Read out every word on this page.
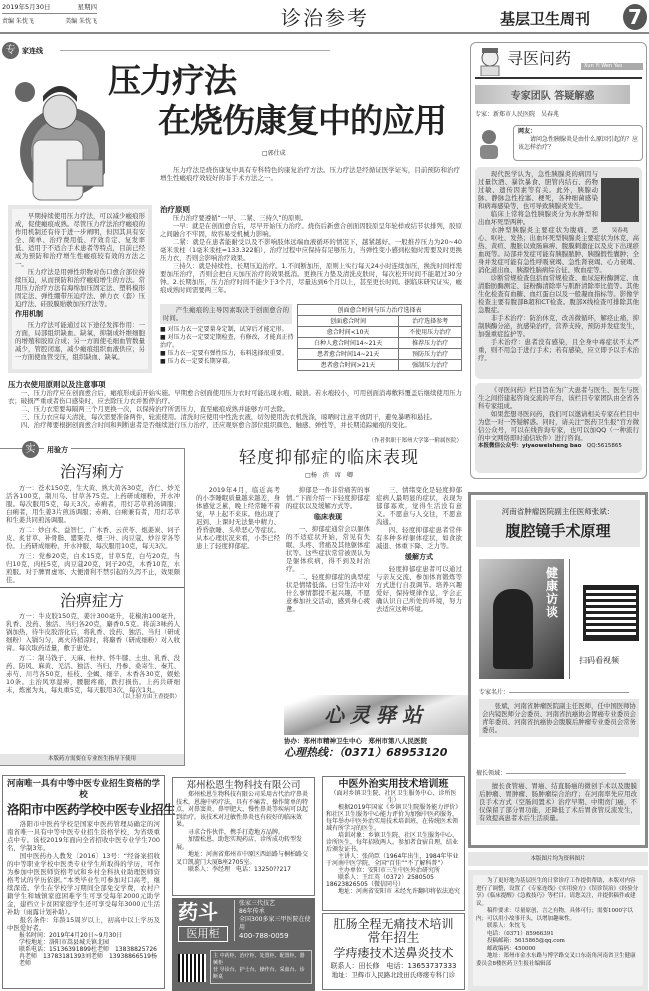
2019年5月30日	星期四
责编 朱忱飞	美编 朱忱飞	诊治参考	基层卫生周刊 7
专 家连线
压力疗法
在烧伤康复中的应用
□郭仕成
压力疗法是烧伤康复中具有专科特色的康复治疗方法。压力疗法是经循证医学证实，目前预防和治疗增生性瘢痕疗效较好的非手术方法之一。
早期持续使用压力疗法，可以减少瘢痕形成，促使瘢痕成熟。尽管压力疗法治疗瘢痕的作用机制还有待于进一步阐明，但因其具有安全、简单、治疗费用低、疗效肯定、复发率低、适用于不适合手术患者等特点，目前已经成为预防和治疗增生性瘢痕较有效的方法之一。
压力疗法是用弹性织物对伤口愈合部位持续压迫，从而预防和治疗瘢痕增生的方法。常用压力治疗方法有海绵加压固定法、塑料模形固定法、弹性绷带压迫疗法、弹力衣（套）压迫疗法、硅胶膜贴敷加压疗法等。
作用机制
压力疗法可能通过以下途径发挥作用：一方面，局部组织缺血、缺氧，抑制成纤维细胞的增殖和胶原合成；另一方面使毛细血管数量减少，管腔闭塞，减少瘢痕组织血液供应；另一方面使血管受压，组织缺血、缺氧。
治疗原则
压力治疗要遵循“一早、二紧、三持久”的原则。
一早：就是在创面愈合后，尽早开始压力治疗。烧伤后新愈合创面因胶原呈年轮样或结节状排列，胶原之间融合不牢固，故容易受机械力影响。
二紧：就是在患者能耐受以及不影响肢体远端血液循环的情况下，越紧越好。一般推荐压力为20~40毫米汞柱（1毫米汞柱=133.322帕），治疗过程中应保持有足够压力，当弹性变小感到松弛时需要及时更换压力衣，否则会影响治疗效果。
三持久：就是持续性、长期压迫治疗。1.不间断加压，原则上实行每天24小时连续加压，换洗时间样需要加压治疗，否则会把白天加压治疗的效果抵消。更换压力垫及清洗皮肤时，每次松开时间不能超过30分钟。2.长期加压，压力治疗时间不能少于3个月，尽量达到6个月以上，甚至更长时间。据临床研究证实，瘢痕成熟时间需要两三年。
产生瘢痕的主导因素取决于创面愈合的时间。
■ 对压力衣一定要量身定制，试穿后才能定形。
■ 对压力衣一定要定期检查，有修改，才能真正持治疗。
■ 压力衣一定要有弹性压力，布料选择很重要。
■ 压力衣一定要长期穿着。
创面愈合时间与压力治疗选择表	
创面愈合时间	治疗选择参考
愈合时间<10天	不使用压力治疗
白种人愈合时间14~21天	推荐压力治疗
患者愈合时间14~21天	预防压力治疗
患者愈合时间>21天	强制压力治疗
压力衣使用原则以及注意事项
一、压力治疗应在创面愈合后，瘢痕形成前开始实施。早期愈合创面使用压力衣时可能出现水疱、破溃。若水疱较小，可用创面消毒敷料覆盖后继续使用压力衣；破损严重或者伤口感染时，应去除压力衣并暂停治疗。
二、压力衣需要每隔两三个月更换一次，以保持治疗所需压力，直至瘢痕成熟并能够方可去除。
三、压力衣应每天清洗，每次需要准备两件，轮流使用。清洗时应使用中性洗衣液，切勿使用洗衣机洗涤，晾晒时注意平放阴干，避免暴晒和悬挂。
四、治疗师要根据创面愈合时间和判断患者是否继续进行压力治疗，还应观察愈合部位组织颜色、触感、弹性等，并长期追踪瘢痕的变化。
（作者供职于郑州大学第一附属医院）
寻医问药	Xun Yi Wen Yao
专家团队 答疑解惑
专家：新郑市人民医院　吴春兆
网友：
请问急性胰腺炎是由什么原因引起的？应该怎样治疗？
吴春兆
现代医学认为，急性胰腺炎的病因与过量饮酒、暴饮暴食、胆管内结石、药物过敏、遗传因素等有关。此外，胰腺动脉、静脉急性栓塞、梗死，各种细菌感染和病毒感染等，也可导致胰腺炎发生。
临床上常将急性胰腺炎分为水肿型和出血坏死型两种。
水肿型胰腺炎主要症状为腹痛、恶心、呕吐、发热；出血坏死型胰腺炎主要症状为休克、高热、黄疸、腹胀以致肠麻痹、腹膜刺激征以及皮下出现瘀血斑等。局部并发症可能有胰腺脓肿、胰腺假性囊肿；全身并发症可能有急性呼吸衰竭、急性肾衰竭、心力衰竭、消化道出血、胰源性脑病综合征、败血症等。
诊断常规检查包括血常规检查、血尿淀粉酶测定、血清脂肪酶测定、淀粉酶清除率与肌酐清除率比值等。其他生化检查有血糖、血红蛋白以及一般凝血指标等。影像学检查主要有腹部B超和CT检查。腹部X线检查可排除其他急腹症。
非手术治疗：防治休克，改善微循环，解痉止痛，抑制胰酶分泌，抗感染治疗，营养支持，预防并发症发生，加强重症监护等。
手术治疗：患者没有感染，且全身中毒症状不太严重，则不用急于进行手术；若有感染，应立即予以手术治疗。
《寻医问药》栏目旨在为广大患者与医生、医生与医生之间搭建起咨询交流的平台，该栏目专家团队由全省各科专家组成。
如果您想寻医问药，我们可以邀请相关专家在栏目中为您一对一答疑解惑。同时，请关注“医药卫生报”官方微信公众号，可以在线咨询专家，也可以加QQ（一种流行的中文网络即时通信软件）进行咨询。
本报微信公众号：yiyaoweisheng bao　 QQ:5615865
河南省肿瘤医院副主任医师张斌：
腹腔镜手术原理
健康访谈
扫码看视频
专家名片：
张斌，河南省肿瘤医院副主任医师，任中国医师协会内镜医师分会委员、河南省抗癌协会胃癌专业委员会青年委员、河南省抗癌协会腹膜后肿瘤专业委员会常务委员。
擅长领域：
擅长食管癌、胃癌、结直肠癌的微创手术以及腹膜后肿瘤、胃肿瘤、肠肿瘤综合治疗；在河南率先应用改良手术方式（空肠间置术）治疗早期、中期贲门癌，不仅保留了部分胃功能，还降低了术后胃食管反流发生，有效提高患者术后生活质量。
本版图片均为资料图片
为了更好地为基层医生的日常诊疗工作提供帮助，本版对内容进行了调整，设置了《专家连线》《实用验方》《误诊误治》《经验分享》《临床提醒》《急救技巧》等栏目。请您关注，并提供稿件或建议。
稿件要求：尽量原创，言之有物，具体可行；需要1000字以内；可以用小故事开头，以增加趣味性。
联系人：朱忱飞
电话：（0371）85966391
投稿邮箱：5615865@qq.com
邮政编码：450000
地址：郑州市金水东路与博学路交叉口东南角河南省卫生健康委员会8楼医药卫生报社编辑部
实	用验方
治泻痢方
方一：苍术150克，生大黄、熟大黄各30克，杏仁、炒羌活各100克，制川乌、甘草各75克。上药研成细粉，开水冲服。每次服用5克，每天3次。赤痢者，用灯芯草煎汤调服；白痢者，用生姜3片煎汤调服；赤痢、白痢兼有者，用灯芯草和生姜共同煎汤调服。
方二：炒白术、益智仁、广木香、云茯苓、炮姜炭、诃子皮、炙甘草、补骨脂、罂粟壳、煨三叶、肉豆蔻、炒谷芽各等份。上药研成细粉，开水冲服，每次服用10克，每天3次。
方三：党参20克，白术15克，甘草5克，白芍20克，当归10克，肉桂5克，肉豆蔻20克，诃子20克，木香10克，水煎服。对于脾胃虚寒、大便滑利不禁引起的久泻不止，效果颇佳。
治痹症方
方一：牛皮胶150克，姜汁300毫升，花椒油100毫升，乳香、没药、独活、当归各20克，麝香0.5克。将前3味药人锅加热，待牛皮胶溶化后，将乳香、没药、独活、当归（研成细粉）入锅匀匀，离火待稍凉时，将麝香（研成细粉）对入收膏。每次取药适量，敷于患处。
方二：制马钱子、天麻、杜仲、怀牛膝、土虫、乳香、没药、防风、麻黄、羌活、独活、当归、丹参、桑寄生、秦艽、赤芍、川芎各50克，桂枝、全蝎、细辛、木香各30克，蜈蚣10条。主治风寒湿痹，腰腿疼痛，跌打损伤。上药共研细末，炼蜜为丸，每丸重5克，每天服用3次，每次1丸。
（以上验方由王香提供）
本版药方需要在专业医生指导下使用
轻度抑郁症的临床表现
□杨　滨　席　卿
2019年4月，临近高考的小李睡眠质量越来越差，身体感觉乏累，晚上经常睡不着觉，早上起不来床。他出现了迟到、上课时无法集中精力、昏昏欲睡、头晕恶心等症状。从本心理状况来看，小李已经患上了轻度抑郁症。
抑郁是一件非常痛苦的事情。”下面介绍一下轻度抑郁症的症状以及缓解方式等。
临床表现
一、抑郁症通常会以躯体的不适症状开始，常见有失眠、头疼、背痛及其他躯体症状等。这些症状常常被误认为是躯体疾病，得不到及时治疗。
二、轻度抑郁症的典型症状是情绪低落。日常生活中对什么事情都提不起兴趣，不愿意参加社交活动，感到身心疲惫。
三、情绪变化是轻度抑郁症病人最明显的症状，表现为郁郁寡欢，觉得生活没有意义。不愿意与人交往，不愿意沟通。
四、轻度抑郁症患者常伴有多种多样躯体症状，如食欲减退、体重下降、乏力等。
缓解方式
轻度抑郁症患者可以通过与亲友交流、参加体育锻炼等方式进行自我调节。培养兴趣爱好，保持规律作息，学会正确认识自己所处的环境，努力去适应这种环境。
心灵驿站
协办：郑州市精神卫生中心　郑州市第八人民医院
心理热线：（0371）68953120
河南唯一具有中等中医专业招生资格的学校
洛阳市中医药学校中医专业招生
洛阳市中医药学校是国家中医药管理局确定的河南省唯一具有中等中医专业招生资格学校，为省级重点中专。该校2019年面向全省招收中医专业学生700名，学制3年。
国中医药办人教发〔2016〕13号：“经备案招收的中等职业学校中医类专业学生所取得的学历，可作为参加中医医师资格考试和乡村全科执业助理医师资格考试的学历依据。”本类毕业生可参加对口高考，继续深造。学生在学校学习期间全部免交学费，农村户籍学生和城镇家庭困难学生可享受每年2000元助学金，建档立卡贫困家庭学生还可享受每年3000元生活补助（雨露计划补助）。
报名条件：年龄15周岁以上，初高中以上学历及中医爱好者。
报名时间：2019年4月20日~9月30日
学校地址：洛阳市嵩县城关镇北园
联系电话：15136391899杜老师　13838825726冉老师　13783181393刘老师　13938866519杨老师
郑州松恩生物科技有限公司
郑州松恩生物科技有限公司采用古代治疗鼻炎技术，恩施中药疗法，具有不痛苦、操作简单的特点，对鼻窦炎、鼻甲肥大、慢性鼻炎等疾病可以起到治疗，该技术对过敏性鼻炎也有较好的临床效果。
寻求合作伙伴，携手打造地方品牌。
加盟松恩，助您实现药店、诊所成功转型发展。
地址：河南省郑州市中原区西站路与桐柏路交叉口凯旋门大厦B座2705室。
联系人：李经理　电话：13250??217
药斗
医用柜
张家三代技艺
86年传承
全国300多家三甲医院在使用
400-788-0059
主 中药柜、治疗柜、处置柜、配置柜、器械柜
营 导诊台、护士台、操作台、采血台、诊断桌
中医外治实用技术培训班
（面对乡镇卫生院、社区卫生服务中心、诊所医生）
根据2019年国家《乡镇卫生院服务能力评价》和社区卫生服务中心能力评价为加强中医药服务，每年举办中医外治实用技术培训班，在传统医术领域有所学习的医生。
培训对象：乡镇卫生院、社区卫生服务中心、诊所医生，每年招收两人。参加者食宿自理，结业后颁发证书。
主讲人：张尚臣（1964年出生，1984年毕业于河南中医学院，全国“百佳”“不了解科普”）
主办单位：安阳市三生中医外治研究所
联系人：王红英（0372）2580505　18623826505（微信同号）
地址：河南省安阳市 未经允许翻印将依法追究
肛肠全程无痛技术培训
常年招生
学痔瘘技术送鼻炎技术
联系人：田长修　 电话：13653737333
地址：卫辉市人民路北段田氏痔瘘专科门诊
